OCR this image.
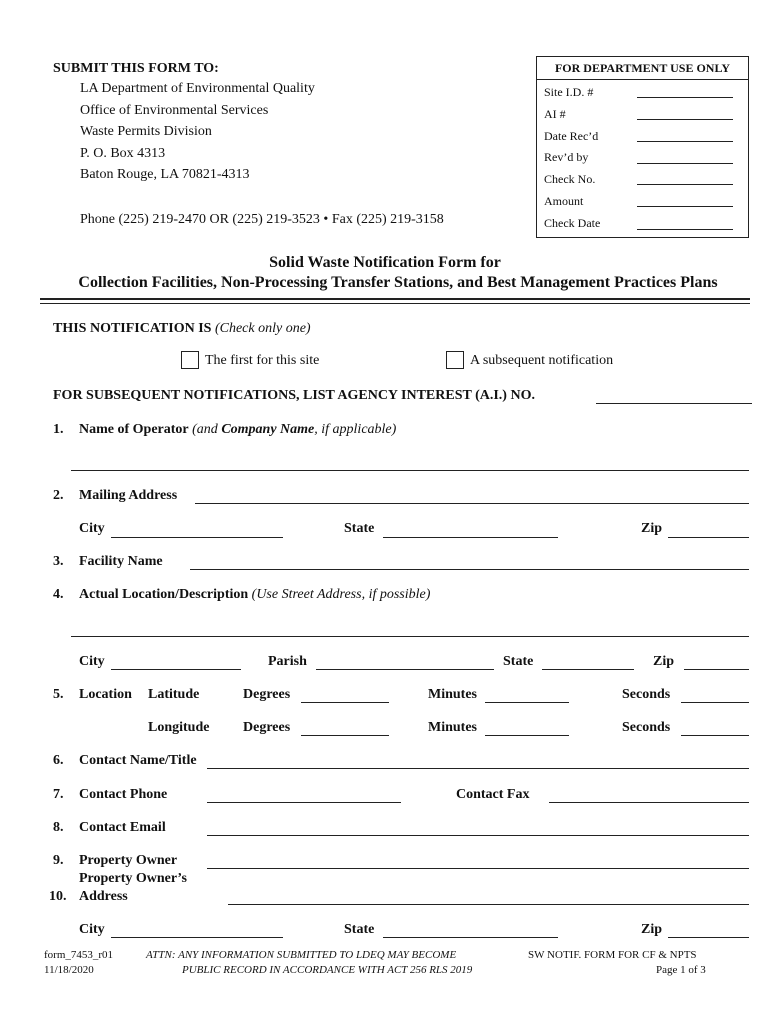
SUBMIT THIS FORM TO:
LA Department of Environmental Quality
Office of Environmental Services
Waste Permits Division
P. O. Box 4313
Baton Rouge, LA 70821-4313
Phone (225) 219-2470 OR (225) 219-3523 • Fax (225) 219-3158
FOR DEPARTMENT USE ONLY
Site I.D. #
AI #
Date Rec’d
Rev’d by
Check No.
Amount
Check Date
Solid Waste Notification Form for
Collection Facilities, Non-Processing Transfer Stations, and Best Management Practices Plans
THIS NOTIFICATION IS (Check only one)
The first for this site	A subsequent notification
FOR SUBSEQUENT NOTIFICATIONS, LIST AGENCY INTEREST (A.I.) NO.
1. Name of Operator (and Company Name, if applicable)
2. Mailing Address
City	State	Zip
3. Facility Name
4. Actual Location/Description (Use Street Address, if possible)
City	Parish	State	Zip
5. Location Latitude	Degrees	Minutes	Seconds
Longitude Degrees	Minutes	Seconds
6. Contact Name/Title
7. Contact Phone	Contact Fax
8. Contact Email
9. Property Owner
Property Owner’s
10. Address
City	State	Zip
form_7453_r01
11/18/2020
ATTN: ANY INFORMATION SUBMITTED TO LDEQ MAY BECOME
PUBLIC RECORD IN ACCORDANCE WITH ACT 256 RLS 2019
SW NOTIF. FORM FOR CF & NPTS
Page 1 of 3
